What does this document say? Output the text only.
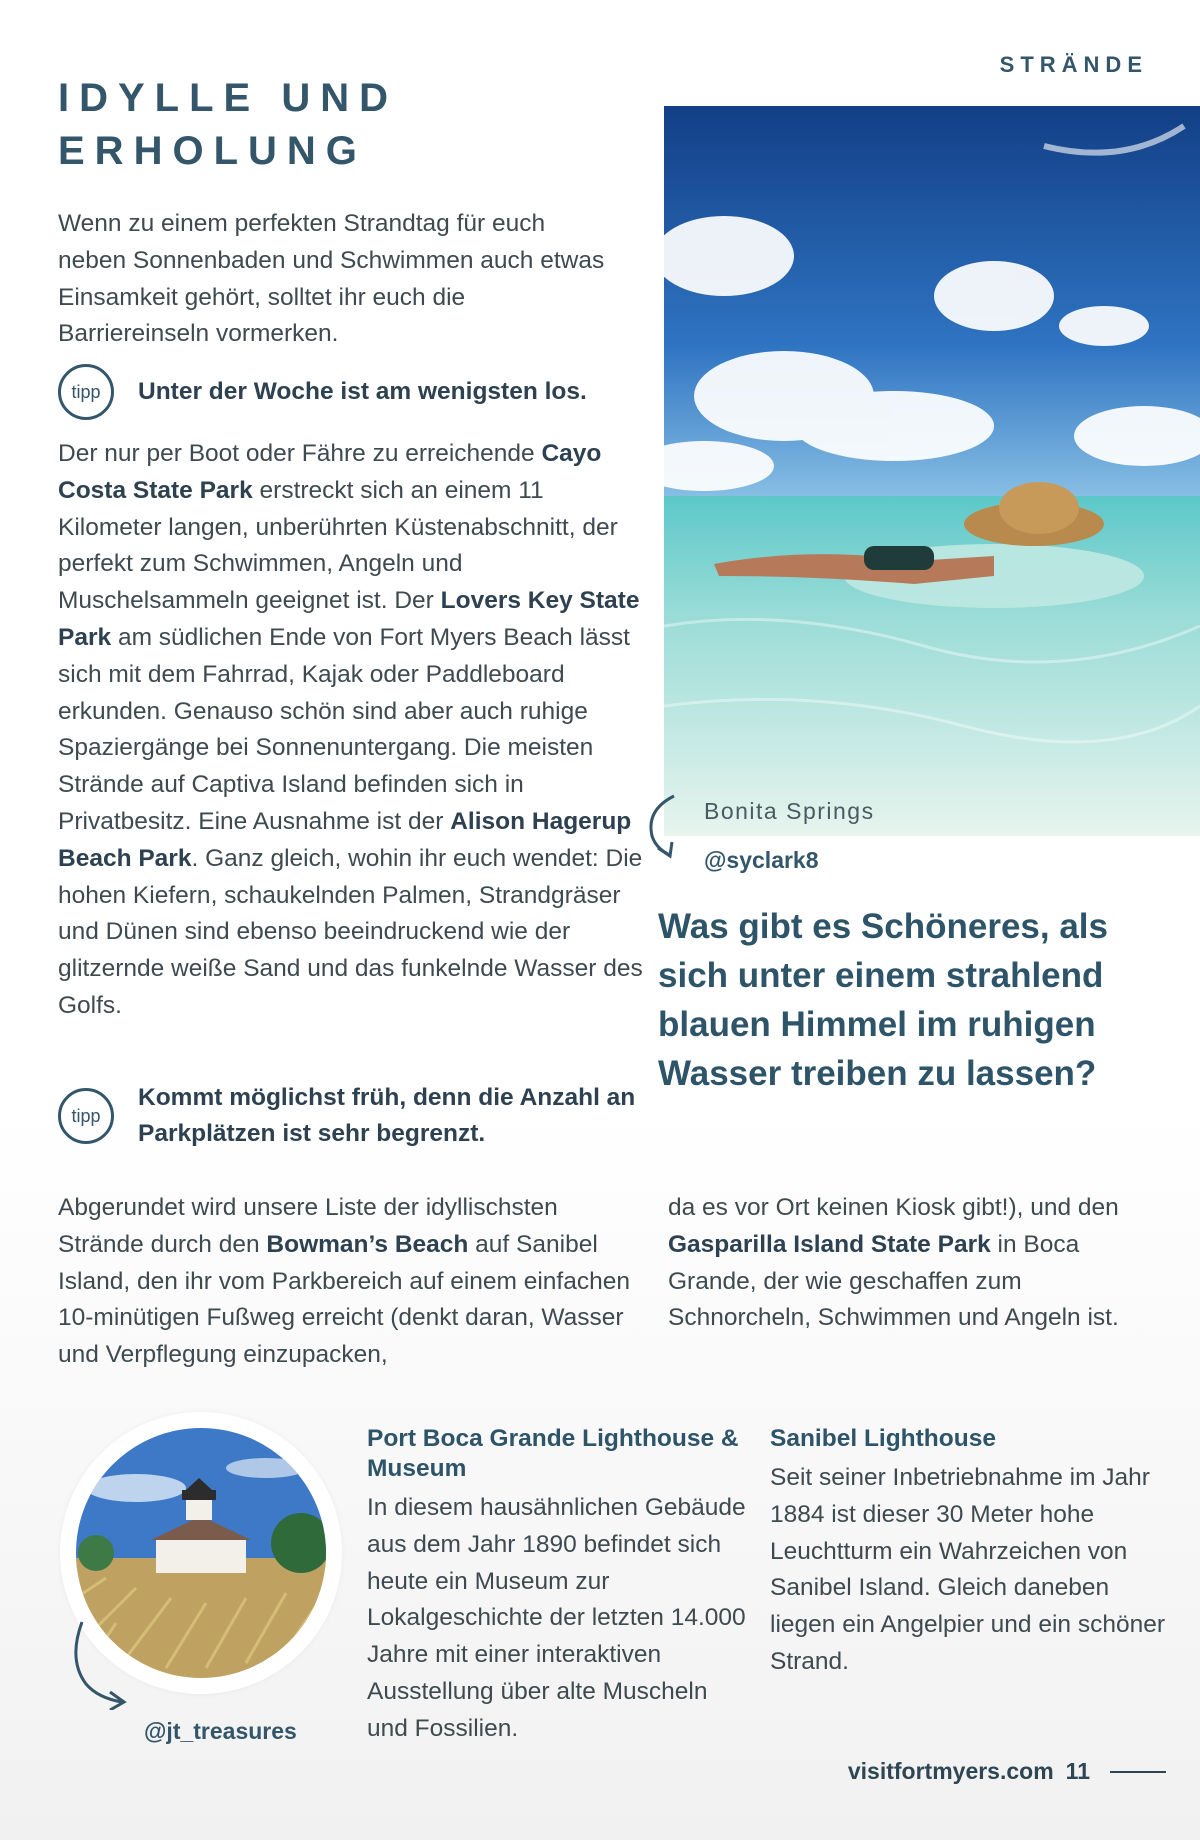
STRÄNDE
IDYLLE UND
ERHOLUNG

Wenn zu einem perfekten Strandtag für euch neben Sonnenbaden und Schwimmen auch etwas Einsamkeit gehört, solltet ihr euch die Barriereinseln vormerken.

tipp	Unter der Woche ist am wenigsten los.

Der nur per Boot oder Fähre zu erreichende Cayo Costa State Park erstreckt sich an einem 11 Kilometer langen, unberührten Küstenabschnitt, der perfekt zum Schwimmen, Angeln und Muschelsammeln geeignet ist. Der Lovers Key State Park am südlichen Ende von Fort Myers Beach lässt sich mit dem Fahrrad, Kajak oder Paddleboard erkunden. Genauso schön sind aber auch ruhige Spaziergänge bei Sonnenuntergang. Die meisten Strände auf Captiva Island befinden sich in Privatbesitz. Eine Ausnahme ist der Alison Hagerup Beach Park. Ganz gleich, wohin ihr euch wendet: Die hohen Kiefern, schaukelnden Palmen, Strandgräser und Dünen sind ebenso beeindruckend wie der glitzernde weiße Sand und das funkelnde Wasser des Golfs.

tipp
Kommt möglichst früh, denn die Anzahl an Parkplätzen ist sehr begrenzt.
Bonita Springs
@syclark8
Was gibt es Schöneres, als sich unter einem strahlend blauen Himmel im ruhigen Wasser treiben zu lassen?

Abgerundet wird unsere Liste der idyllischsten Strände durch den Bowman’s Beach auf Sanibel Island, den ihr vom Parkbereich auf einem einfachen 10-minütigen Fußweg erreicht (denkt daran, Wasser und Verpflegung einzupacken,

da es vor Ort keinen Kiosk gibt!), und den Gasparilla Island State Park in Boca Grande, der wie geschaffen zum Schnorcheln, Schwimmen und Angeln ist.

@jt_treasures
Port Boca Grande Lighthouse & Museum
In diesem hausähnlichen Gebäude aus dem Jahr 1890 befindet sich heute ein Museum zur Lokalgeschichte der letzten 14.000 Jahre mit einer interaktiven Ausstellung über alte Muscheln und Fossilien.
Sanibel Lighthouse
Seit seiner Inbetriebnahme im Jahr 1884 ist dieser 30 Meter hohe Leuchtturm ein Wahrzeichen von Sanibel Island. Gleich daneben liegen ein Angelpier und ein schöner Strand.
visitfortmyers.com 11
